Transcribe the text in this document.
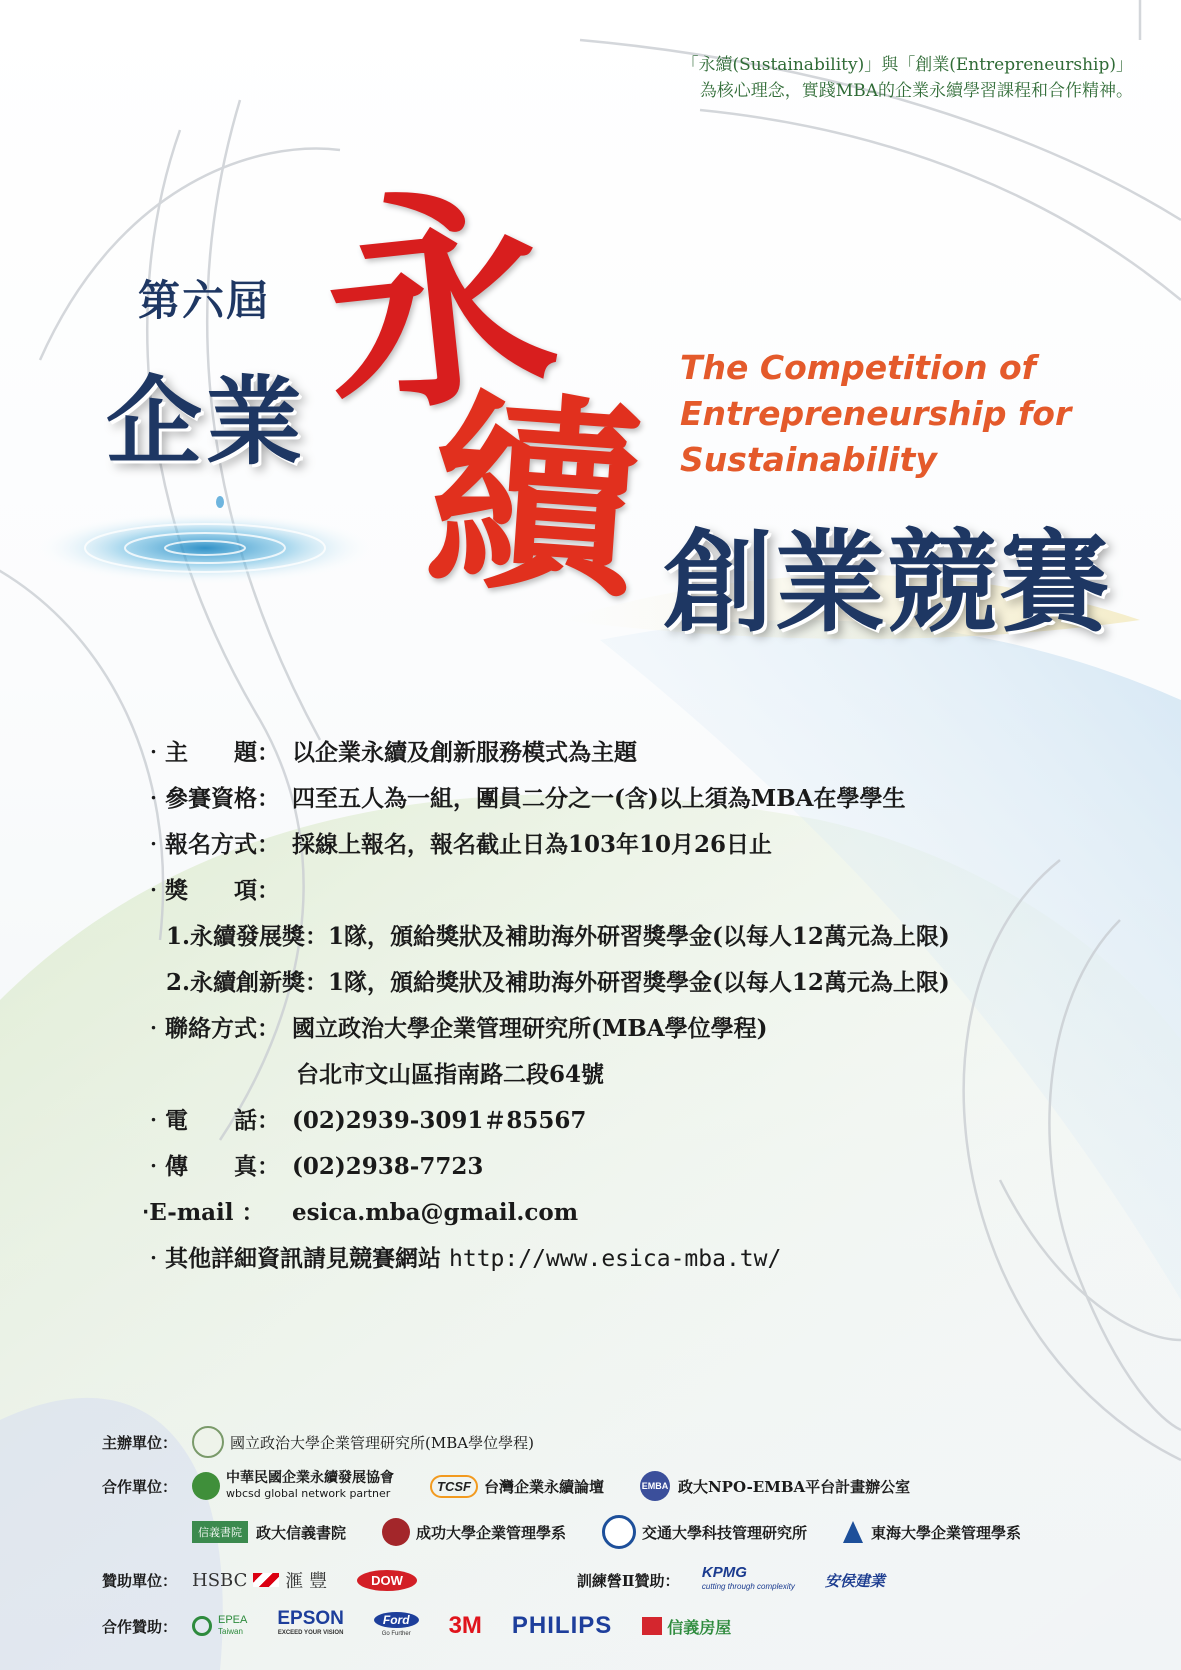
「永續(Sustainability)」與「創業(Entrepreneurship)」
為核心理念，實踐MBA的企業永續學習課程和合作精神。
第六屆
企業 永
續 The Competition of
Entrepreneurship for
Sustainability
創業競賽
‧主　　題： 以企業永續及創新服務模式為主題
‧參賽資格： 四至五人為一組，團員二分之一(含)以上須為MBA在學學生
‧報名方式： 採線上報名，報名截止日為103年10月26日止
‧獎　　項：
1.永續發展獎：1隊，頒給獎狀及補助海外研習獎學金(以每人12萬元為上限)
2.永續創新獎：1隊，頒給獎狀及補助海外研習獎學金(以每人12萬元為上限)
‧聯絡方式： 國立政治大學企業管理研究所(MBA學位學程)
台北市文山區指南路二段64號
‧電　　話： (02)2939-3091＃85567
‧傳　　真： (02)2938-7723
‧E-mail ： esica.mba@gmail.com
‧其他詳細資訊請見競賽網站 http://www.esica-mba.tw/
主辦單位：	國立政治大學企業管理研究所(MBA學位學程)
合作單位：	中華民國企業永續發展協會
wbcsd global network partner	TCSF 台灣企業永續論壇	EMBA 政大NPO-EMBA平台計畫辦公室
信義書院 政大信義書院	成功大學企業管理學系	交通大學科技管理研究所	東海大學企業管理學系
贊助單位： HSBC 滙 豐	DOW	訓練營Ⅱ贊助：	KPMG
cutting through complexity 安侯建業
合作贊助：	EPEA
Taiwan
EPSON
EXCEED YOUR VISION
Ford
Go Further 3M PHILIPS	信義房屋
